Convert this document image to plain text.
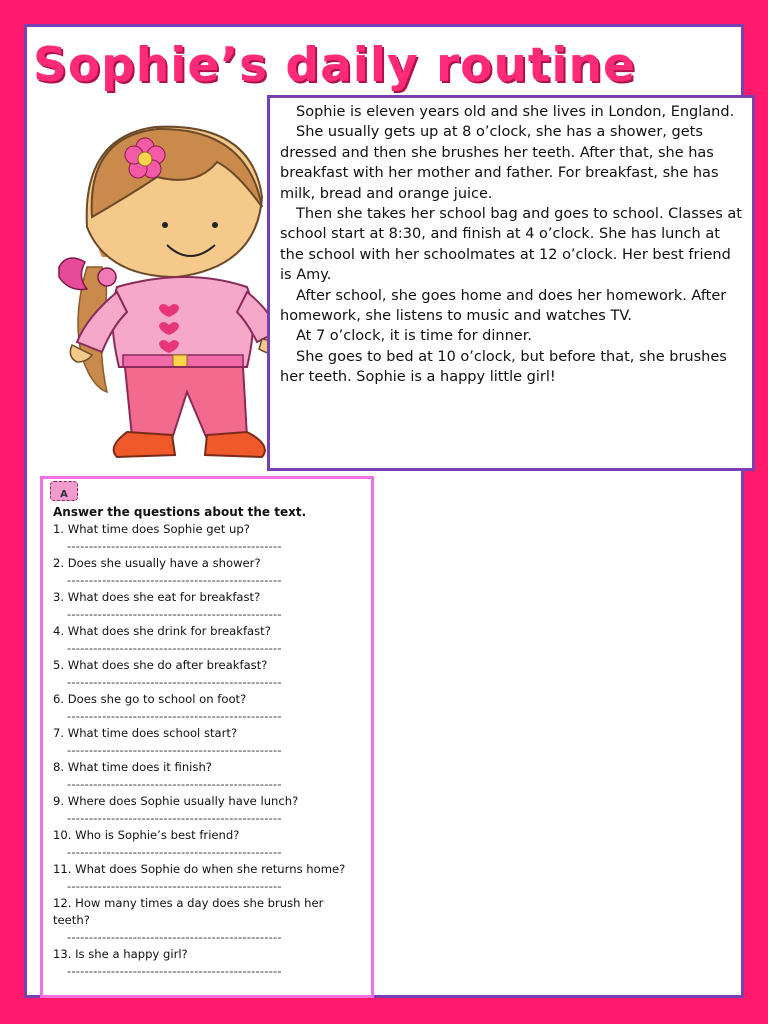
Sophie’s daily routine

Sophie is eleven years old and she lives in London, England.

She usually gets up at 8 o’clock, she has a shower, gets dressed and then she brushes her teeth. After that, she has breakfast with her mother and father. For breakfast, she has milk, bread and orange juice.

Then she takes her school bag and goes to school. Classes at school start at 8:30, and finish at 4 o’clock. She has lunch at the school with her schoolmates at 12 o’clock. Her best friend is Amy.

After school, she goes home and does her homework. After homework, she listens to music and watches TV.

At 7 o’clock, it is time for dinner.

She goes to bed at 10 o’clock, but before that, she brushes her teeth. Sophie is a happy little girl!

A
Answer the questions about the text.
1. What time does Sophie get up?
-------------------------------------------------
2. Does she usually have a shower?
-------------------------------------------------
3. What does she eat for breakfast?
-------------------------------------------------
4. What does she drink for breakfast?
-------------------------------------------------
5. What does she do after breakfast?
-------------------------------------------------
6. Does she go to school on foot?
-------------------------------------------------
7. What time does school start?
-------------------------------------------------
8. What time does it finish?
-------------------------------------------------
9. Where does Sophie usually have lunch?
-------------------------------------------------
10. Who is Sophie’s best friend?
-------------------------------------------------
11. What does Sophie do when she returns home?
-------------------------------------------------
12. How many times a day does she brush her teeth?
-------------------------------------------------
13. Is she a happy girl?
-------------------------------------------------
